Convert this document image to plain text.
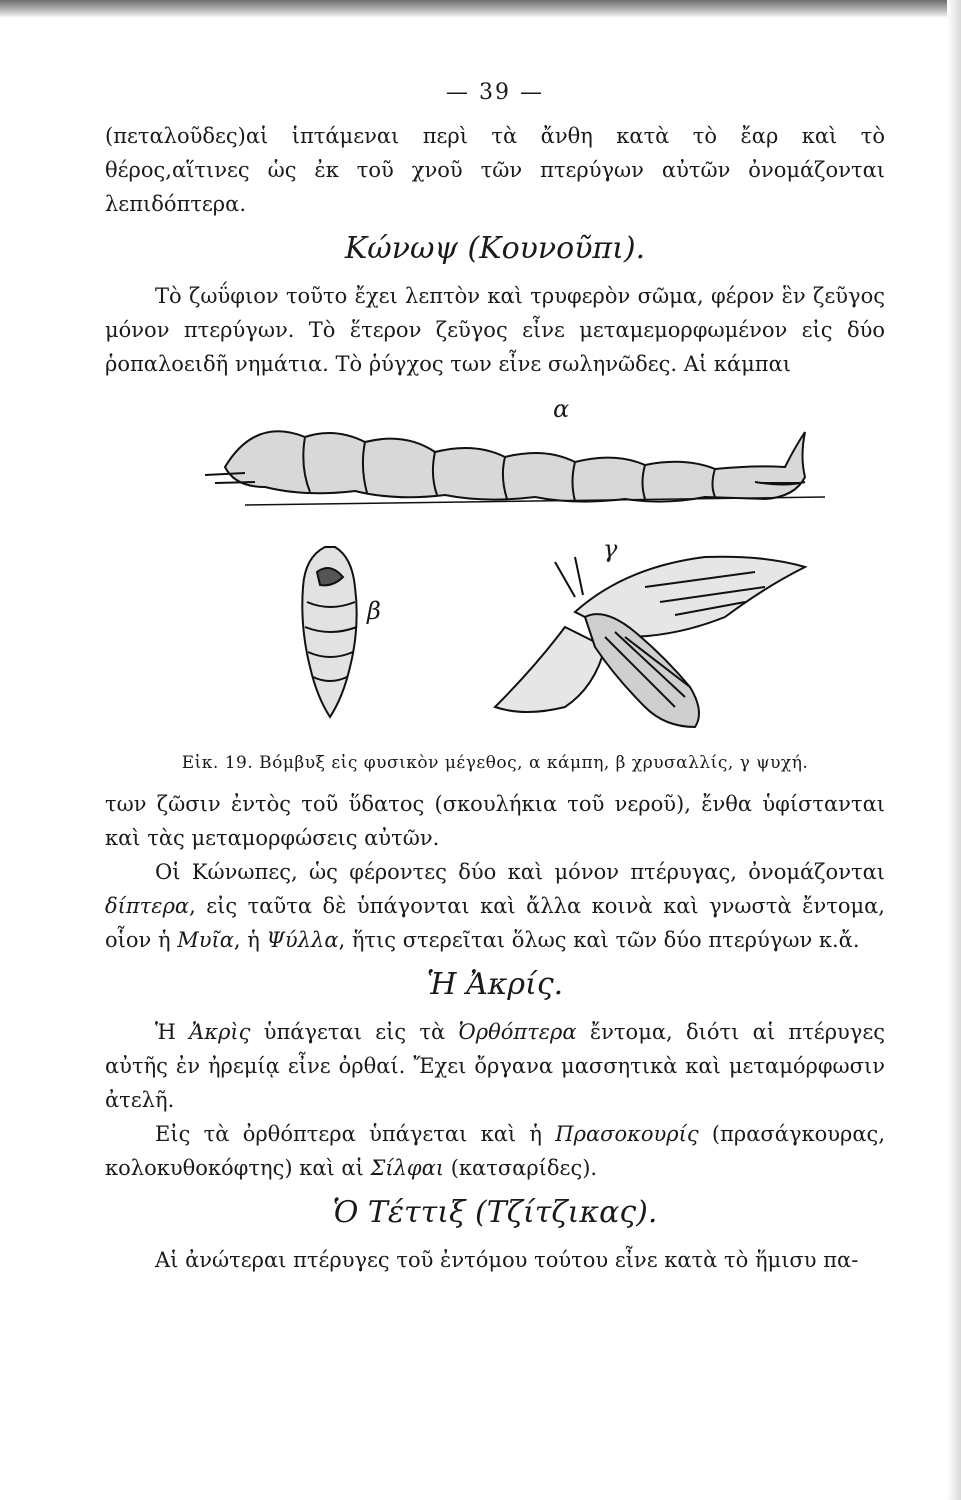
— 39 —

(πεταλοῦδες)αἱ ἱπτάμεναι περὶ τὰ ἄνθη κατὰ τὸ ἔαρ καὶ τὸ θέρος,αἵτινες ὡς ἐκ τοῦ χνοῦ τῶν πτερύγων αὐτῶν ὀνομάζονται λεπιδόπτερα.

Κώνωψ (Κουνοῦπι).

Τὸ ζωΰφιον τοῦτο ἔχει λεπτὸν καὶ τρυφερὸν σῶμα, φέρον ἓν ζεῦγος μόνον πτερύγων. Τὸ ἕτερον ζεῦγος εἶνε μεταμεμορφωμένον εἰς δύο ῥοπαλοειδῆ νημάτια. Τὸ ῥύγχος των εἶνε σωληνῶδες. Αἱ κάμπαι

α
β
γ
Εἰκ. 19. Βόμβυξ εἰς φυσικὸν μέγεθος, α κάμπη, β χρυσαλλίς, γ ψυχή.

των ζῶσιν ἐντὸς τοῦ ὕδατος (σκουλήκια τοῦ νεροῦ), ἔνθα ὑφίστανται καὶ τὰς μεταμορφώσεις αὐτῶν.

Οἱ Κώνωπες, ὡς φέροντες δύο καὶ μόνον πτέρυγας, ὀνομάζονται δίπτερα, εἰς ταῦτα δὲ ὑπάγονται καὶ ἄλλα κοινὰ καὶ γνωστὰ ἔντομα, οἷον ἡ Μυῖα, ἡ Ψύλλα, ἥτις στερεῖται ὅλως καὶ τῶν δύο πτερύγων κ.ἄ.

Ἡ Ἀκρίς.

Ἡ Ἀκρὶς ὑπάγεται εἰς τὰ Ὀρθόπτερα ἔντομα, διότι αἱ πτέρυγες αὐτῆς ἐν ἠρεμίᾳ εἶνε ὀρθαί. Ἔχει ὄργανα μασσητικὰ καὶ μεταμόρφωσιν ἀτελῆ.

Εἰς τὰ ὀρθόπτερα ὑπάγεται καὶ ἡ Πρασοκουρίς (πρασάγκουρας, κολοκυθοκόφτης) καὶ αἱ Σίλφαι (κατσαρίδες).

Ὁ Τέττιξ (Τζίτζικας).

Αἱ ἀνώτεραι πτέρυγες τοῦ ἐντόμου τούτου εἶνε κατὰ τὸ ἥμισυ πα-
